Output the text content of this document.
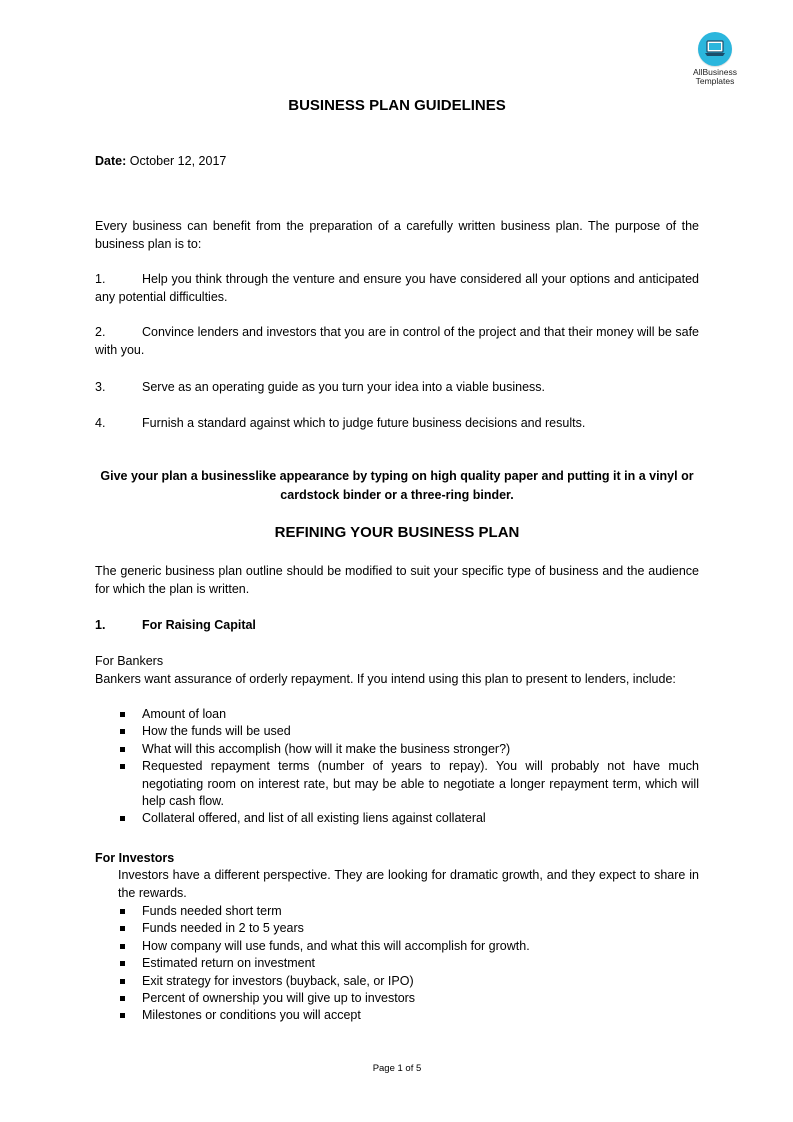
AllBusiness
Templates
BUSINESS PLAN GUIDELINES
Date: October 12, 2017
Every business can benefit from the preparation of a carefully written business plan. The purpose of the business plan is to:
1.	Help you think through the venture and ensure you have considered all your options and anticipated any potential difficulties.
2.	Convince lenders and investors that you are in control of the project and that their money will be safe with you.
3.	Serve as an operating guide as you turn your idea into a viable business.
4.	Furnish a standard against which to judge future business decisions and results.
Give your plan a businesslike appearance by typing on high quality paper and putting it in a vinyl or cardstock binder or a three-ring binder.
REFINING YOUR BUSINESS PLAN
The generic business plan outline should be modified to suit your specific type of business and the audience for which the plan is written.
1.	For Raising Capital
For Bankers
Bankers want assurance of orderly repayment. If you intend using this plan to present to lenders, include:
Amount of loan
How the funds will be used
What will this accomplish (how will it make the business stronger?)
Requested repayment terms (number of years to repay). You will probably not have much negotiating room on interest rate, but may be able to negotiate a longer repayment term, which will help cash flow.
Collateral offered, and list of all existing liens against collateral
For Investors
Investors have a different perspective. They are looking for dramatic growth, and they expect to share in the rewards.
Funds needed short term
Funds needed in 2 to 5 years
How company will use funds, and what this will accomplish for growth.
Estimated return on investment
Exit strategy for investors (buyback, sale, or IPO)
Percent of ownership you will give up to investors
Milestones or conditions you will accept
Page 1 of 5
